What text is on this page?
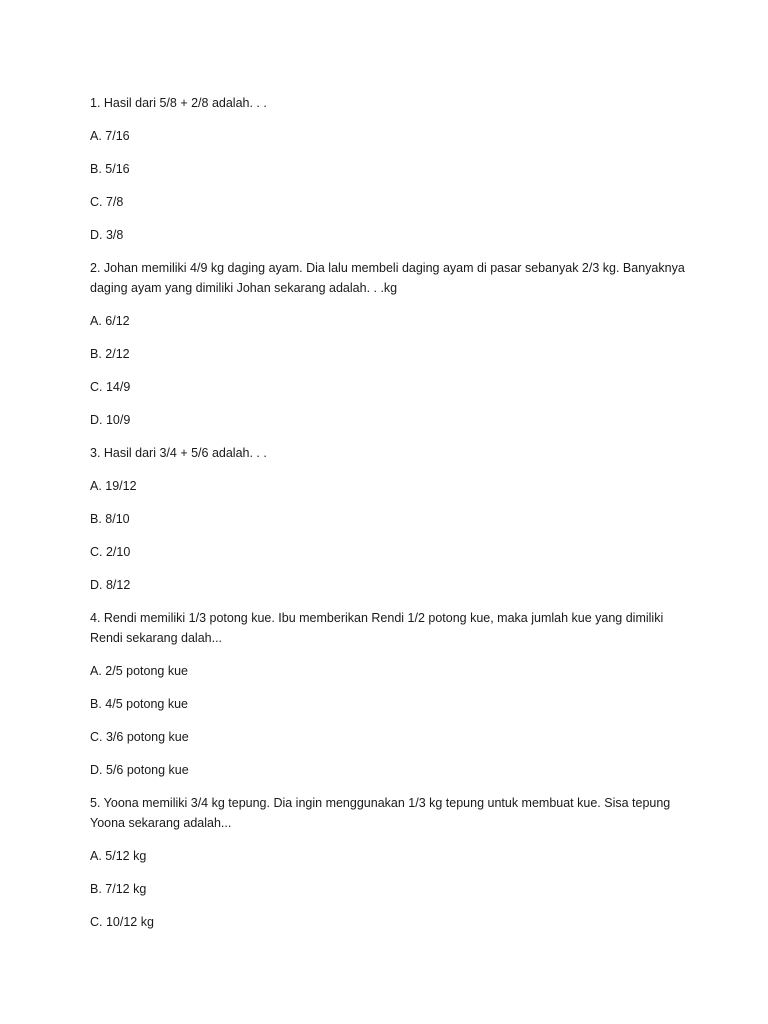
1. Hasil dari 5/8 + 2/8 adalah. . .

A. 7/16

B. 5/16

C. 7/8

D. 3/8

2. Johan memiliki 4/9 kg daging ayam. Dia lalu membeli daging ayam di pasar sebanyak 2/3 kg. Banyaknya daging ayam yang dimiliki Johan sekarang adalah. . .kg

A. 6/12

B. 2/12

C. 14/9

D. 10/9

3. Hasil dari 3/4 + 5/6 adalah. . .

A. 19/12

B. 8/10

C. 2/10

D. 8/12

4. Rendi memiliki 1/3 potong kue. Ibu memberikan Rendi 1/2 potong kue, maka jumlah kue yang dimiliki Rendi sekarang dalah...

A. 2/5 potong kue

B. 4/5 potong kue

C. 3/6 potong kue

D. 5/6 potong kue

5. Yoona memiliki 3/4 kg tepung. Dia ingin menggunakan 1/3 kg tepung untuk membuat kue. Sisa tepung Yoona sekarang adalah...

A. 5/12 kg

B. 7/12 kg

C. 10/12 kg
